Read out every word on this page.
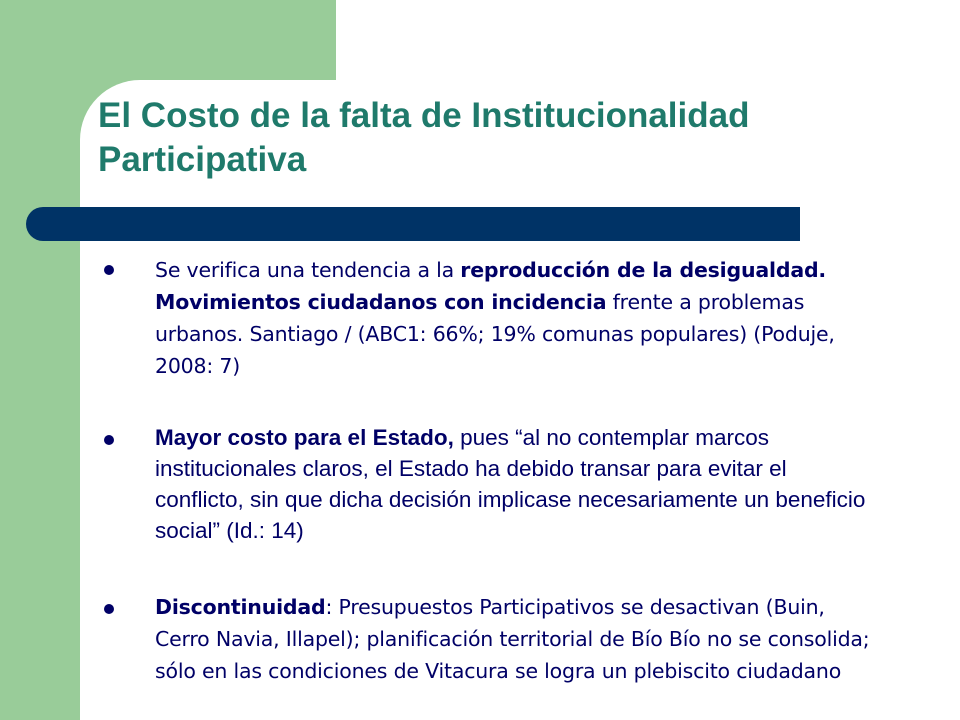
El Costo de la falta de Institucionalidad
Participativa
Se verifica una tendencia a la reproducción de la desigualdad. Movimientos ciudadanos con incidencia frente a problemas urbanos. Santiago / (ABC1: 66%; 19% comunas populares) (Poduje, 2008: 7)
Mayor costo para el Estado, pues “al no contemplar marcos institucionales claros, el Estado ha debido transar para evitar el conflicto, sin que dicha decisión implicase necesariamente un beneficio social” (Id.: 14)
Discontinuidad: Presupuestos Participativos se desactivan (Buin, Cerro Navia, Illapel); planificación territorial de Bío Bío no se consolida; sólo en las condiciones de Vitacura se logra un plebiscito ciudadano
